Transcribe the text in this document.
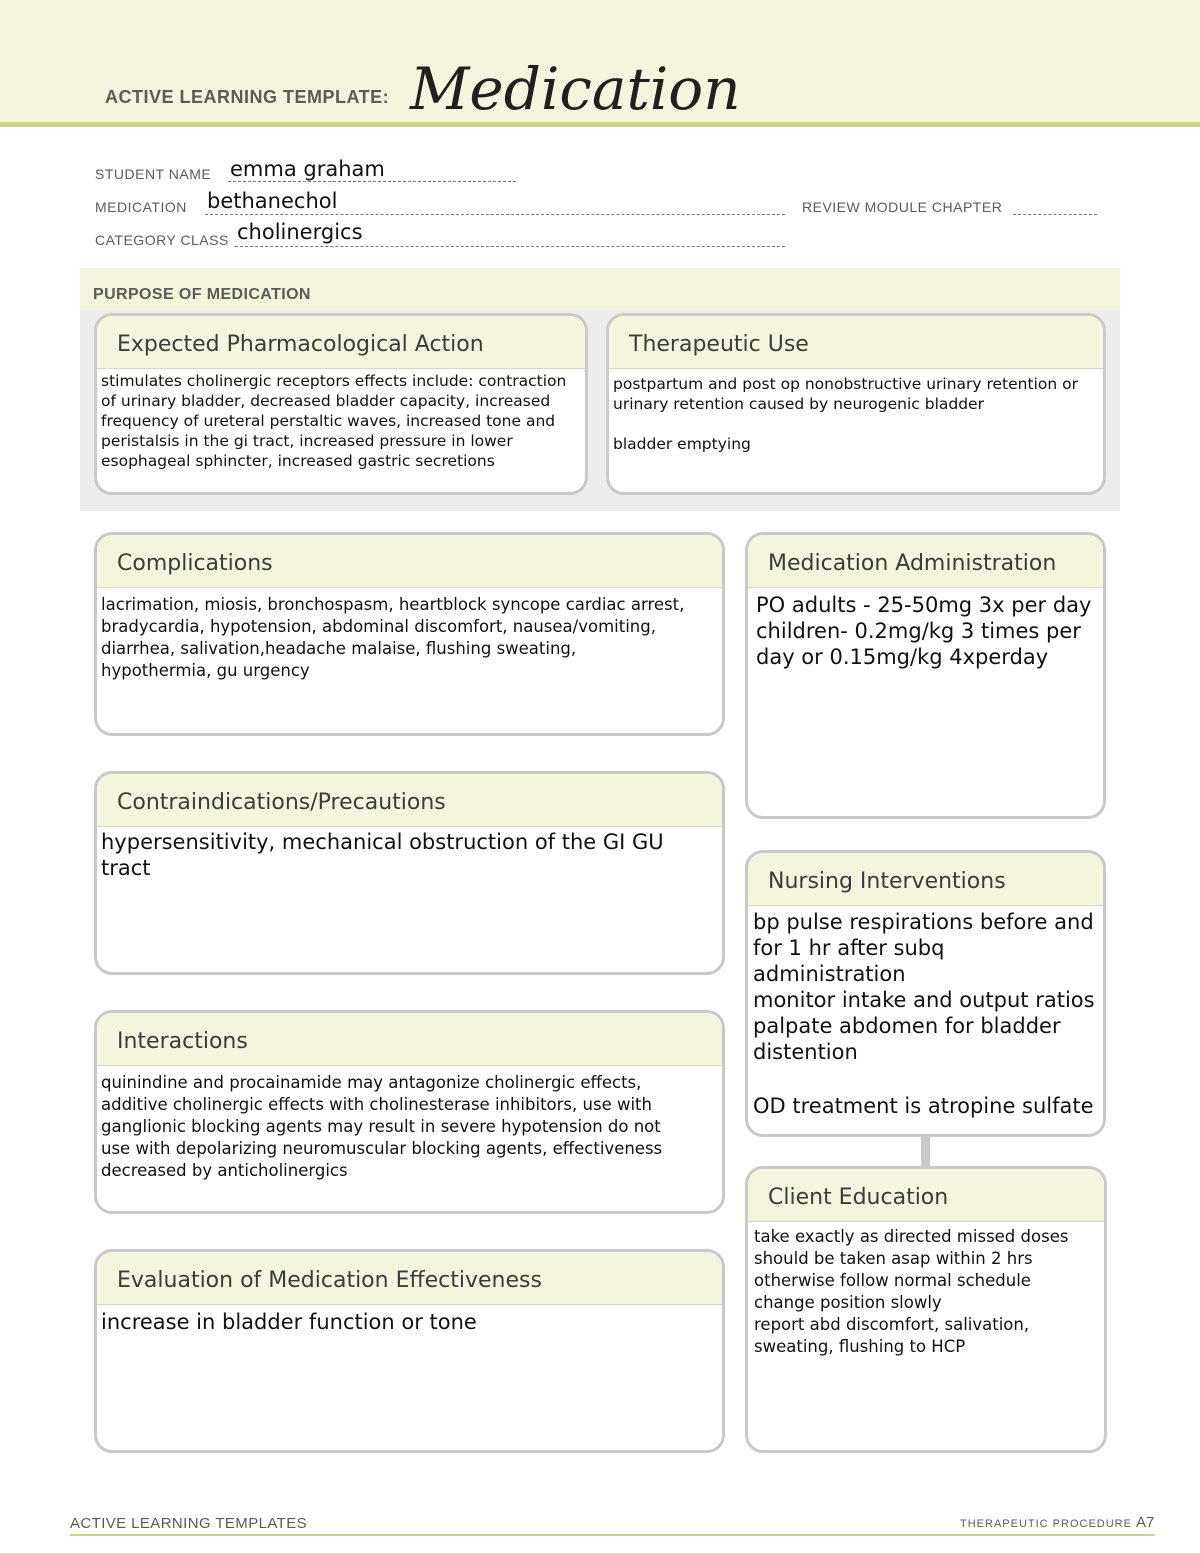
ACTIVE LEARNING TEMPLATE: Medication
STUDENT NAME emma graham
MEDICATION bethanechol	REVIEW MODULE CHAPTER
CATEGORY CLASS cholinergics
PURPOSE OF MEDICATION
Expected Pharmacological Action

stimulates cholinergic receptors effects include: contraction
of urinary bladder, decreased bladder capacity, increased
frequency of ureteral perstaltic waves, increased tone and
peristalsis in the gi tract, increased pressure in lower
esophageal sphincter, increased gastric secretions

Therapeutic Use

postpartum and post op nonobstructive urinary retention or
urinary retention caused by neurogenic bladder

bladder emptying

Complications

lacrimation, miosis, bronchospasm, heartblock syncope cardiac arrest,
bradycardia, hypotension, abdominal discomfort, nausea/vomiting,
diarrhea, salivation,headache malaise, flushing sweating,
hypothermia, gu urgency

Contraindications/Precautions

hypersensitivity, mechanical obstruction of the GI GU tract

Interactions

quinindine and procainamide may antagonize cholinergic effects,
additive cholinergic effects with cholinesterase inhibitors, use with
ganglionic blocking agents may result in severe hypotension do not
use with depolarizing neuromuscular blocking agents, effectiveness
decreased by anticholinergics

Evaluation of Medication Effectiveness

increase in bladder function or tone

Medication Administration

PO adults - 25-50mg 3x per day
children- 0.2mg/kg 3 times per
day or 0.15mg/kg 4xperday

Nursing Interventions

bp pulse respirations before and
for 1 hr after subq administration
monitor intake and output ratios
palpate abdomen for bladder
distention

OD treatment is atropine sulfate

Client Education

take exactly as directed missed doses
should be taken asap within 2 hrs
otherwise follow normal schedule
change position slowly
report abd discomfort, salivation,
sweating, flushing to HCP

ACTIVE LEARNING TEMPLATES	THERAPEUTIC PROCEDURE A7
